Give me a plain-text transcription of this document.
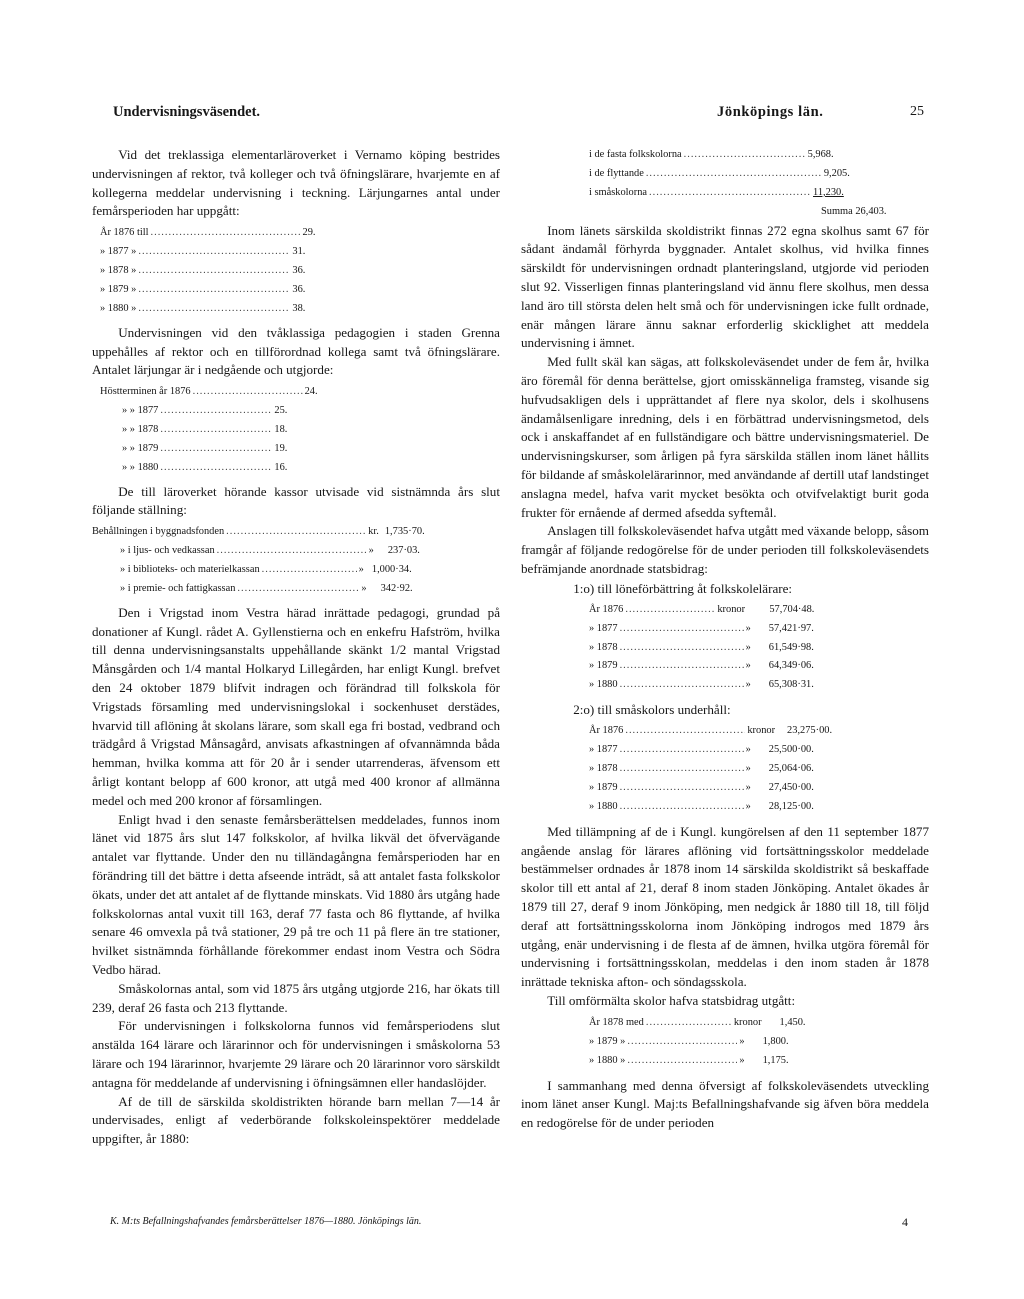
Undervisningsväsendet.	Jönköpings län.	25

Vid det treklassiga elementarläroverket i Vernamo köping bestrides undervisningen af rektor, två kolleger och två öfningslärare, hvarjemte en af kollegerna meddelar undervisning i teckning. Lärjungarnes antal under femårsperioden har uppgått:

År 1876 till .....	29.
» 1877 » .....	31.
» 1878 » .....	36.
» 1879 » .....	36.
» 1880 » .....	38.

Undervisningen vid den tvåklassiga pedagogien i staden Grenna uppehålles af rektor och en tillförordnad kollega samt två öfningslärare. Antalet lärjungar är i nedgående och utgjorde:

Höstterminen år 1876 .....	24.
» » 1877 .....	25.
» » 1878 .....	18.
» » 1879 .....	19.
» » 1880 .....	16.

De till läroverket hörande kassor utvisade vid sistnämnda års slut följande ställning:

Behållningen i byggnadsfonden .....	kr. 1,735·70.
» i ljus- och vedkassan .....	» 237·03.
» i biblioteks- och materielkassan .....	» 1,000·34.
» i premie- och fattigkassan .....	» 342·92.

Den i Vrigstad inom Vestra härad inrättade pedagogi, grundad på donationer af Kungl. rådet A. Gyllenstierna och en enkefru Hafström, hvilka till denna undervisningsanstalts uppehållande skänkt 1/2 mantal Vrigstad Månsgården och 1/4 mantal Holkaryd Lillegården, har enligt Kungl. brefvet den 24 oktober 1879 blifvit indragen och förändrad till folkskola för Vrigstads församling med undervisningslokal i sockenhuset derstädes, hvarvid till aflöning åt skolans lärare, som skall ega fri bostad, vedbrand och trädgård å Vrigstad Månsagård, anvisats afkastningen af ofvannämnda båda hemman, hvilka komma att för 20 år i sender utarrenderas, äfvensom ett årligt kontant belopp af 600 kronor, att utgå med 400 kronor af allmänna medel och med 200 kronor af församlingen.

Enligt hvad i den senaste femårsberättelsen meddelades, funnos inom länet vid 1875 års slut 147 folkskolor, af hvilka likväl det öfvervägande antalet var flyttande. Under den nu tilländagångna femårsperioden har en förändring till det bättre i detta afseende inträdt, så att antalet fasta folkskolor ökats, under det att antalet af de flyttande minskats. Vid 1880 års utgång hade folkskolornas antal vuxit till 163, deraf 77 fasta och 86 flyttande, af hvilka senare 46 omvexla på två stationer, 29 på tre och 11 på flere än tre stationer, hvilket sistnämnda förhållande förekommer endast inom Vestra och Södra Vedbo härad.

Småskolornas antal, som vid 1875 års utgång utgjorde 216, har ökats till 239, deraf 26 fasta och 213 flyttande.

För undervisningen i folkskolorna funnos vid femårsperiodens slut anstälda 164 lärare och lärarinnor och för undervisningen i småskolorna 53 lärare och 194 lärarinnor, hvarjemte 29 lärare och 20 lärarinnor voro särskildt antagna för meddelande af undervisning i öfningsämnen eller handaslöjder.

Af de till de särskilda skoldistrikten hörande barn mellan 7—14 år undervisades, enligt af vederbörande folkskoleinspektörer meddelade uppgifter, år 1880:

i de fasta folkskolorna .....	5,968.
i de flyttande .....	9,205.
i småskolorna .....	11,230.
Summa 26,403.

Inom länets särskilda skoldistrikt finnas 272 egna skolhus samt 67 för sådant ändamål förhyrda byggnader. Antalet skolhus, vid hvilka finnes särskildt för undervisningen ordnadt planteringsland, utgjorde vid perioden slut 92. Visserligen finnas planteringsland vid ännu flere skolhus, men dessa land äro till största delen helt små och för undervisningen icke fullt ordnade, enär mången lärare ännu saknar erforderlig skicklighet att meddela undervisning i ämnet.

Med fullt skäl kan sägas, att folkskoleväsendet under de fem år, hvilka äro föremål för denna berättelse, gjort omisskänneliga framsteg, visande sig hufvudsakligen dels i upprättandet af flere nya skolor, dels i skolhusens ändamålsenligare inredning, dels i en förbättrad undervisningsmetod, dels ock i anskaffandet af en fullständigare och bättre undervisningsmateriel. De undervisningskurser, som årligen på fyra särskilda ställen inom länet hållits för bildande af småskolelärarinnor, med användande af dertill utaf landstinget anslagna medel, hafva varit mycket besökta och otvifvelaktigt burit goda frukter för ernående af dermed afsedda syftemål.

Anslagen till folkskoleväsendet hafva utgått med växande belopp, såsom framgår af följande redogörelse för de under perioden till folkskoleväsendets befrämjande anordnade statsbidrag:

1:o) till löneförbättring åt folkskolelärare:

År 1876 .....	kronor	57,704·48.
» 1877 .....	» 57,421·97.
» 1878 .....	» 61,549·98.
» 1879 .....	» 64,349·06.
» 1880 .....	» 65,308·31.

2:o) till småskolors underhåll:

År 1876 .....	kronor 23,275·00.
» 1877 .....	» 25,500·00.
» 1878 .....	» 25,064·06.
» 1879 .....	» 27,450·00.
» 1880 .....	» 28,125·00.

Med tillämpning af de i Kungl. kungörelsen af den 11 september 1877 angående anslag för lärares aflöning vid fortsättningsskolor meddelade bestämmelser ordnades år 1878 inom 14 särskilda skoldistrikt så beskaffade skolor till ett antal af 21, deraf 8 inom staden Jönköping. Antalet ökades år 1879 till 27, deraf 9 inom Jönköping, men nedgick år 1880 till 18, till följd deraf att fortsättningsskolorna inom Jönköping indrogos med 1879 års utgång, enär undervisning i de flesta af de ämnen, hvilka utgöra föremål för undervisning i fortsättningsskolan, meddelas i den inom staden år 1878 inrättade tekniska afton- och söndagsskola.

Till omförmälta skolor hafva statsbidrag utgått:

År 1878 med .....	kronor 1,450.
» 1879 » .....	» 1,800.
» 1880 » .....	» 1,175.

I sammanhang med denna öfversigt af folkskoleväsendets utveckling inom länet anser Kungl. Maj:ts Befallningshafvande sig äfven böra meddela en redogörelse för de under perioden

K. M:ts Befallningshafvandes femårsberättelser 1876—1880. Jönköpings län.	4
